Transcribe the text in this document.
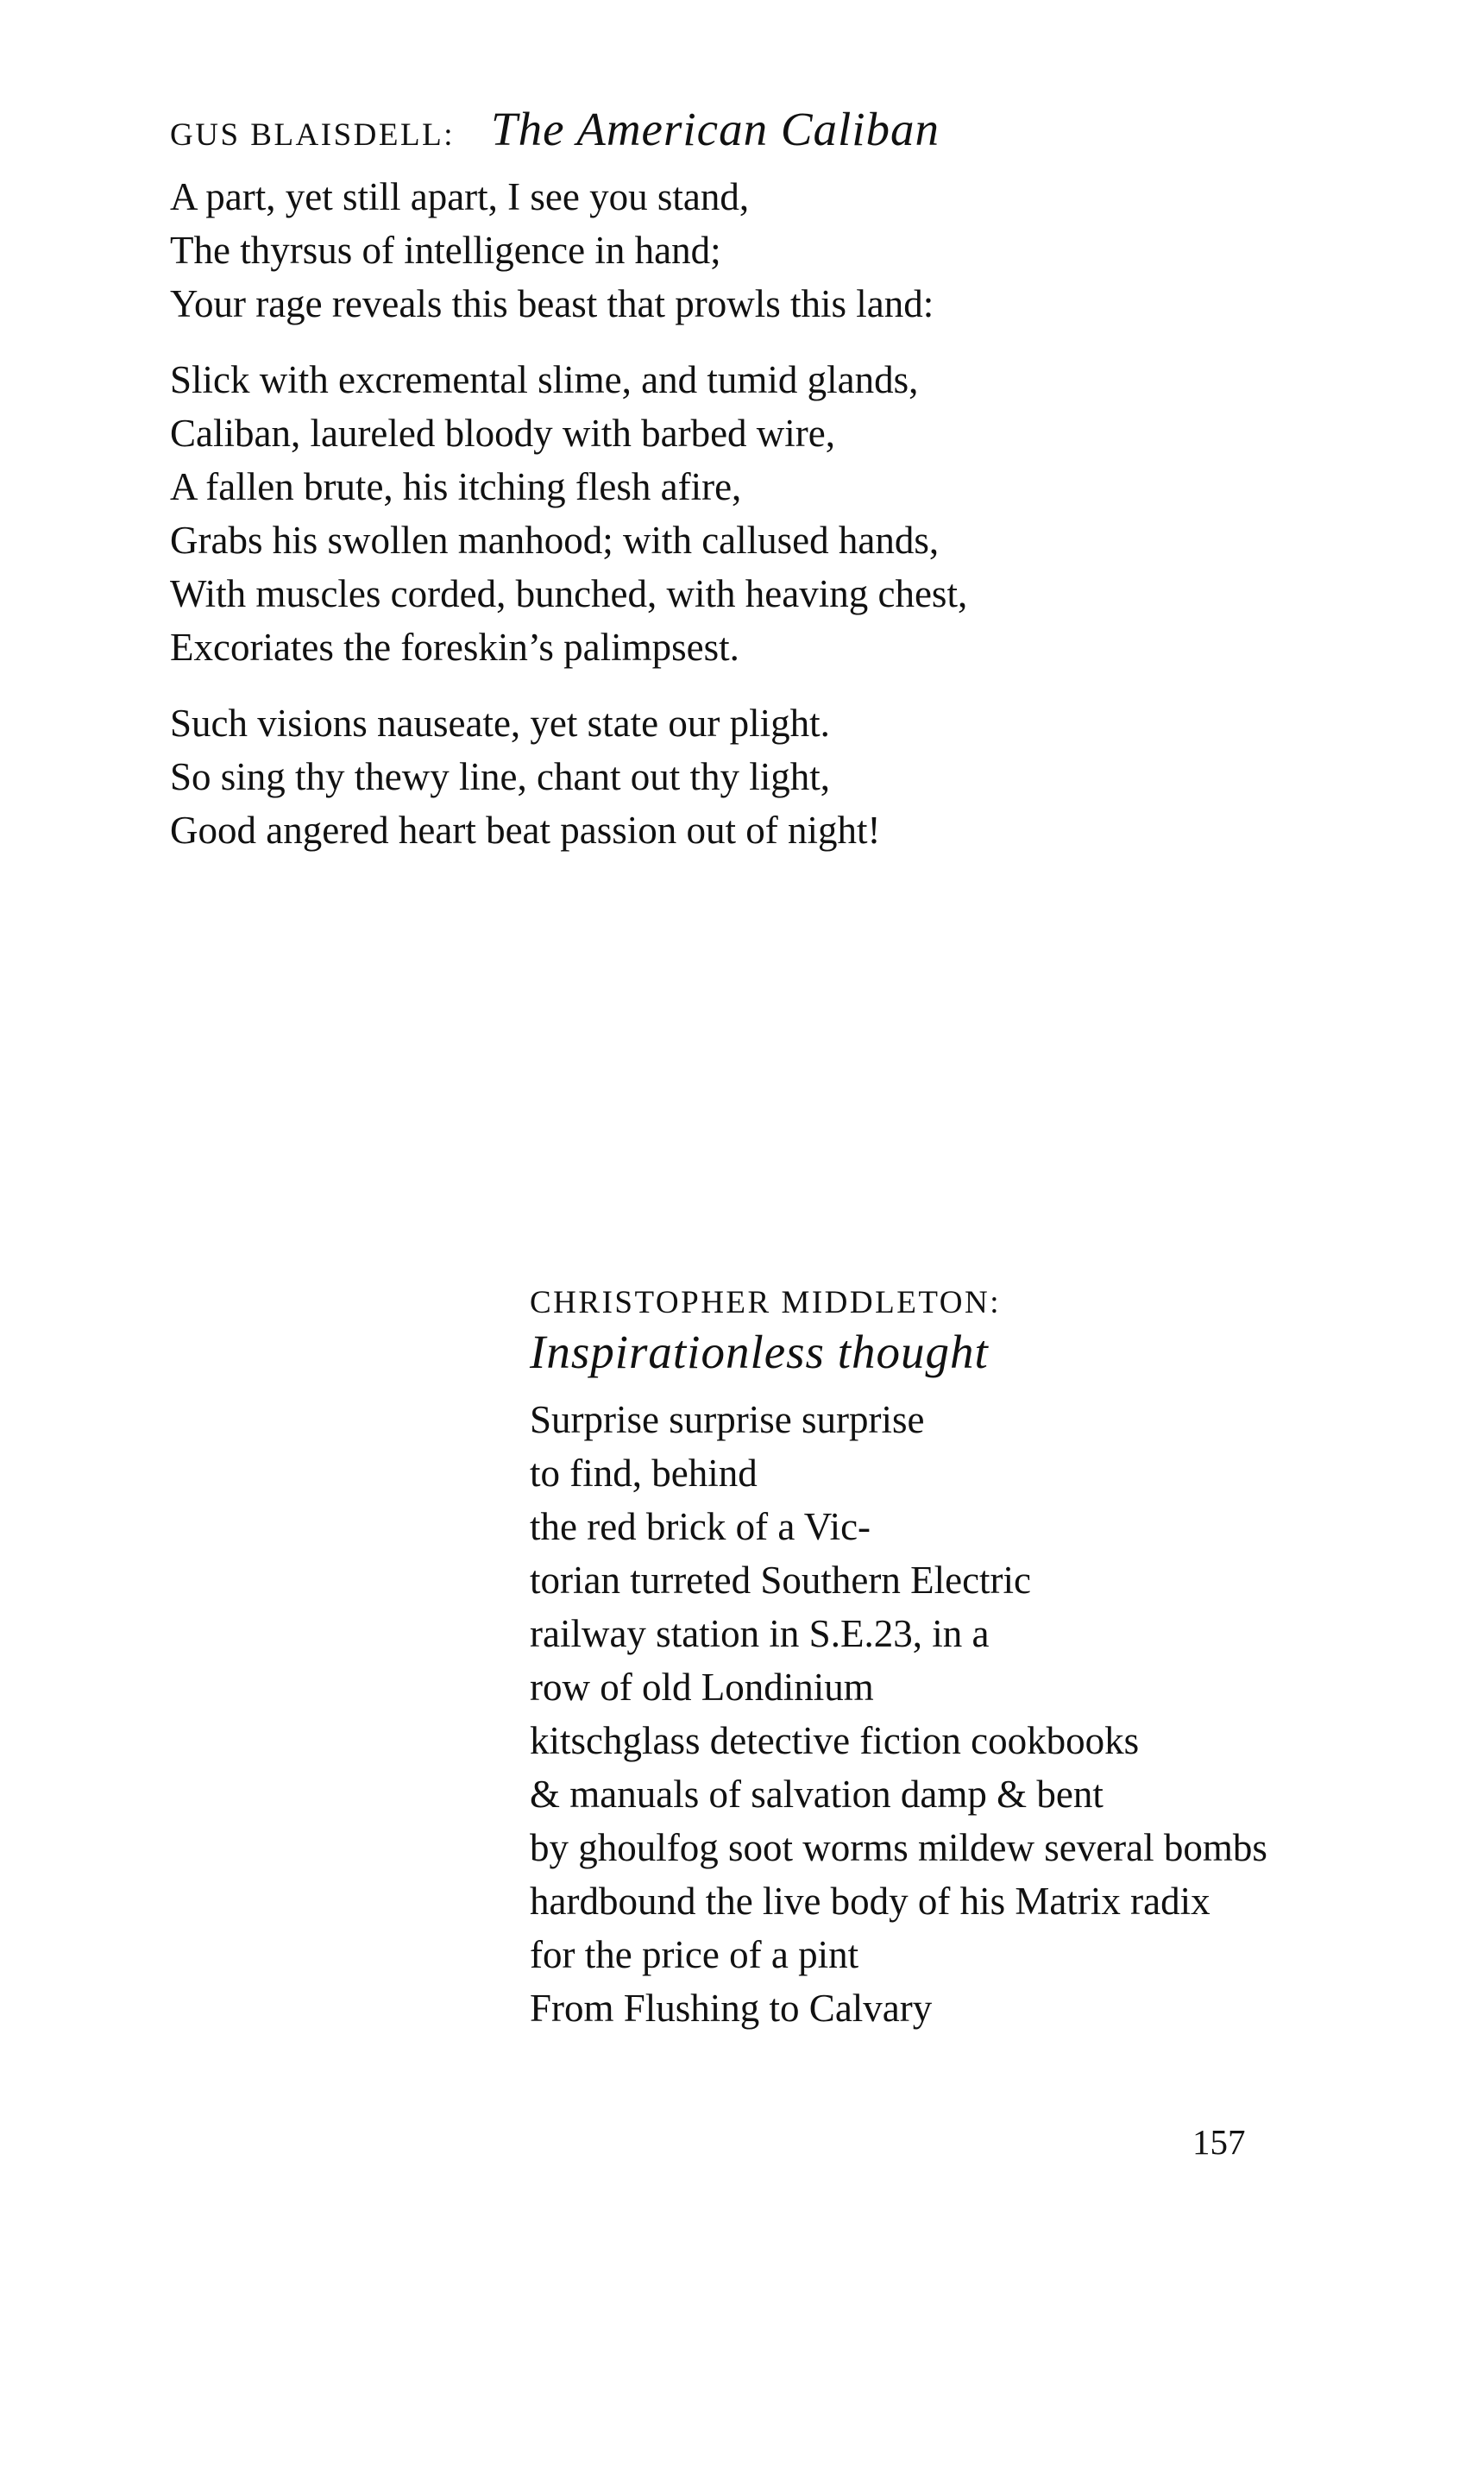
GUS BLAISDELL: The American Caliban
A part, yet still apart, I see you stand,
The thyrsus of intelligence in hand;
Your rage reveals this beast that prowls this land:
Slick with excremental slime, and tumid glands,
Caliban, laureled bloody with barbed wire,
A fallen brute, his itching flesh afire,
Grabs his swollen manhood; with callused hands,
With muscles corded, bunched, with heaving chest,
Excoriates the foreskin’s palimpsest.
Such visions nauseate, yet state our plight.
So sing thy thewy line, chant out thy light,
Good angered heart beat passion out of night!
CHRISTOPHER MIDDLETON:
Inspirationless thought
Surprise surprise surprise
to find, behind
the red brick of a Vic-
torian turreted Southern Electric
railway station in S.E.23, in a
row of old Londinium
kitschglass detective fiction cookbooks
& manuals of salvation damp & bent
by ghoulfog soot worms mildew several bombs
hardbound the live body of his Matrix radix
for the price of a pint
From Flushing to Calvary
157
